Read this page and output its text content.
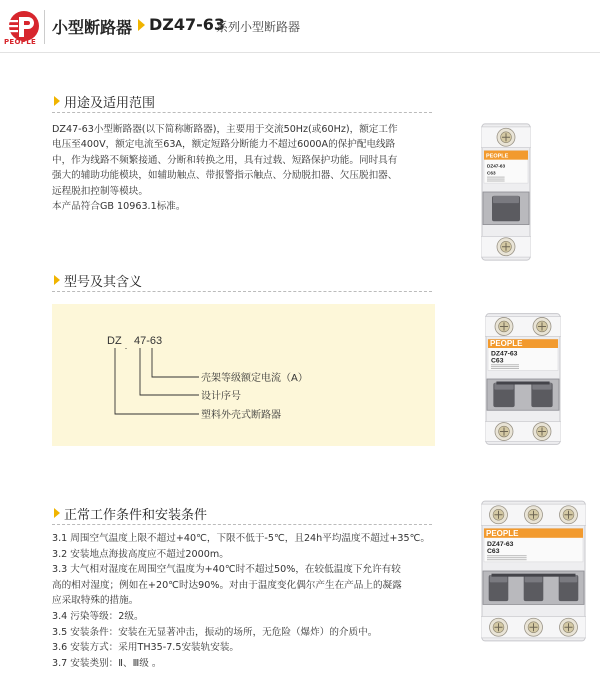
PEOPLE
小型断路器 DZ47-63
系列小型断路器
用途及适用范围

DZ47-63小型断路器(以下简称断路器)，主要用于交流50Hz(或60Hz)，额定工作

电压至400V，额定电流至63A，额定短路分断能力不超过6000A的保护配电线路

中，作为线路不频繁接通、分断和转换之用，具有过载、短路保护功能。同时具有

强大的辅助功能模块，如辅助触点、带报警指示触点、分励脱扣器、欠压脱扣器、

远程脱扣控制等模块。

本产品符合GB 10963.1标准。

型号及其含义
DZ 47-63
壳架等级额定电流（A）
设计序号
塑料外壳式断路器
正常工作条件和安装条件

3.1 周围空气温度上限不超过+40℃，下限不低于-5℃，且24h平均温度不超过+35℃。

3.2 安装地点海拔高度应不超过2000m。

3.3 大气相对湿度在周围空气温度为+40℃时不超过50%，在较低温度下允许有较

高的相对湿度；例如在+20℃时达90%。对由于温度变化偶尔产生在产品上的凝露

应采取特殊的措施。

3.4 污染等级：2级。

3.5 安装条件：安装在无显著冲击，振动的场所，无危险（爆炸）的介质中。

3.6 安装方式：采用TH35-7.5安装轨安装。

3.7 安装类别：Ⅱ、Ⅲ级 。

PEOPLE
DZ47-63
C63
PEOPLE
DZ47-63
C63
PEOPLE
DZ47-63
C63
